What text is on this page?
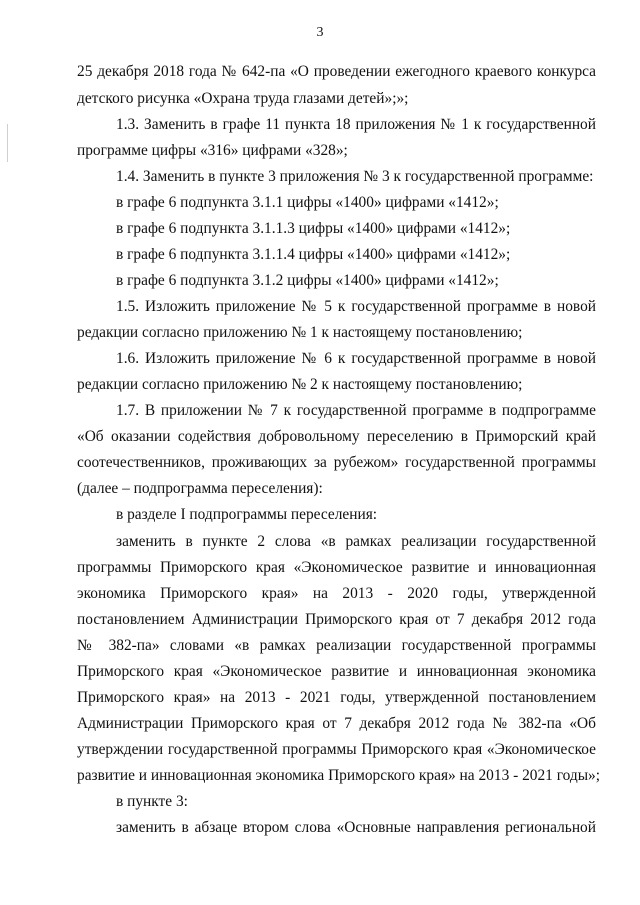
3
25 декабря 2018 года № 642-па «О проведении ежегодного краевого конкурса
детского рисунка «Охрана труда глазами детей»;»;
1.3. Заменить в графе 11 пункта 18 приложения № 1 к государственной
программе цифры «316» цифрами «328»;
1.4. Заменить в пункте 3 приложения № 3 к государственной программе:
в графе 6 подпункта 3.1.1 цифры «1400» цифрами «1412»;
в графе 6 подпункта 3.1.1.3 цифры «1400» цифрами «1412»;
в графе 6 подпункта 3.1.1.4 цифры «1400» цифрами «1412»;
в графе 6 подпункта 3.1.2 цифры «1400» цифрами «1412»;
1.5. Изложить приложение № 5 к государственной программе в новой
редакции согласно приложению № 1 к настоящему постановлению;
1.6. Изложить приложение № 6 к государственной программе в новой
редакции согласно приложению № 2 к настоящему постановлению;
1.7. В приложении № 7 к государственной программе в подпрограмме
«Об оказании содействия добровольному переселению в Приморский край
соотечественников, проживающих за рубежом» государственной программы
(далее – подпрограмма переселения):
в разделе I подпрограммы переселения:
заменить в пункте 2 слова «в рамках реализации государственной
программы Приморского края «Экономическое развитие и инновационная
экономика Приморского края» на 2013 - 2020 годы, утвержденной
постановлением Администрации Приморского края от 7 декабря 2012 года
№ 382-па» словами «в рамках реализации государственной программы
Приморского края «Экономическое развитие и инновационная экономика
Приморского края» на 2013 - 2021 годы, утвержденной постановлением
Администрации Приморского края от 7 декабря 2012 года № 382-па «Об
утверждении государственной программы Приморского края «Экономическое
развитие и инновационная экономика Приморского края» на 2013 - 2021 годы»;
в пункте 3:
заменить в абзаце втором слова «Основные направления региональной
